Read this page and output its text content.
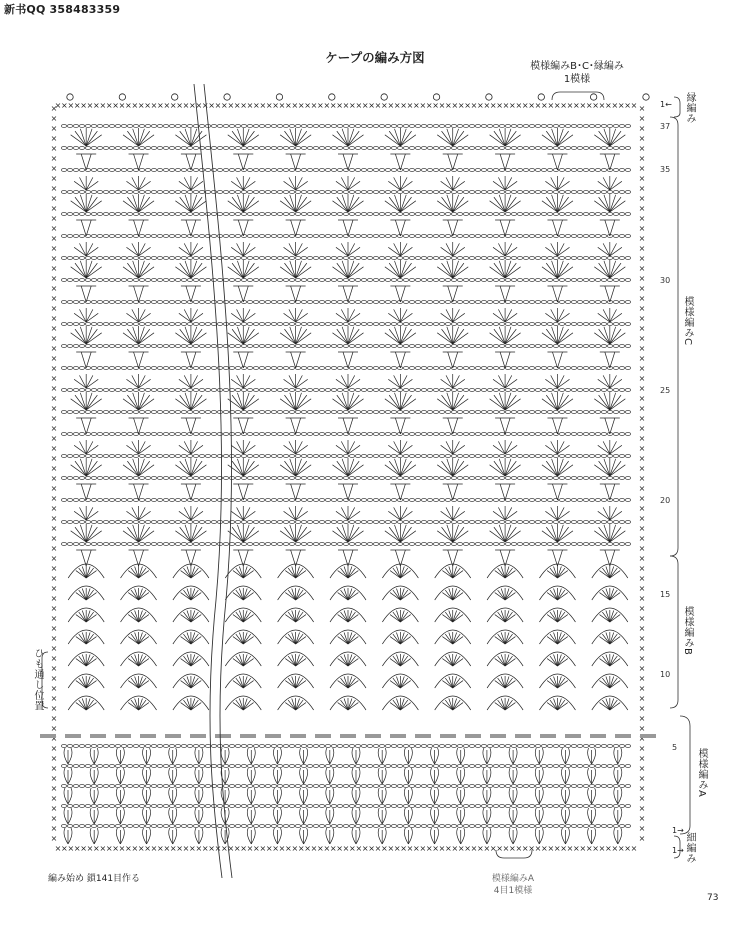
新书QQ 358483359
ケープの編み方図
模様編みB･C･縁編み
1模様
×
×
×
×
×
×
×
×
×
×
×
×
×
×
×
×
×
×
×
×
×
×
×
×
×
×
×
×
×
×
×
×
×
×
×
×
×
×
×
×
×
×
×
×
×
×
×
×
×
×
×
×
×
×
×
×
×
×
×
×
×
×
×
×
×
×
×
×
×
×
×
×
×
×
×
×
×
×
×
×
×
×
×
×
×
×
×
×
×
×
×
×
×
×
×
×
×
×
×
×
×
×
×
×
×
×
×
×
×
×
×
×
×
×
×
×
×
×
×
×
×
×
×
×
×
×
×
×
×
×
×
×
×
×
×
×
×
×
×
×
×
×
×
×
×
×
×
×
× × × × × × × × × × × × × × × × × × × × × × × × × × × × × × × × × × × × × × × × × × × × × × × × × × × × × × × × × × × × × × × × × × × × × × × × × × × × × × × × × × × × × × × × × × ×
× × × × × × × × × × × × × × × × × × × × × × × × × × × × × × × × × × × × × × × × × × × × × × × × × × × × × × × × × × × × × × × × × × × × × × × × × × × × × × × × × × × × × × × × × × ×
縁編み
模様編みC
模様編みB
模様編みA
細編み
ひも通し位置
37
35
30
25
20
15
10
5
1←
1→
1→
編み始め 鎖141目作る	模様編みA
4目1模様
73
